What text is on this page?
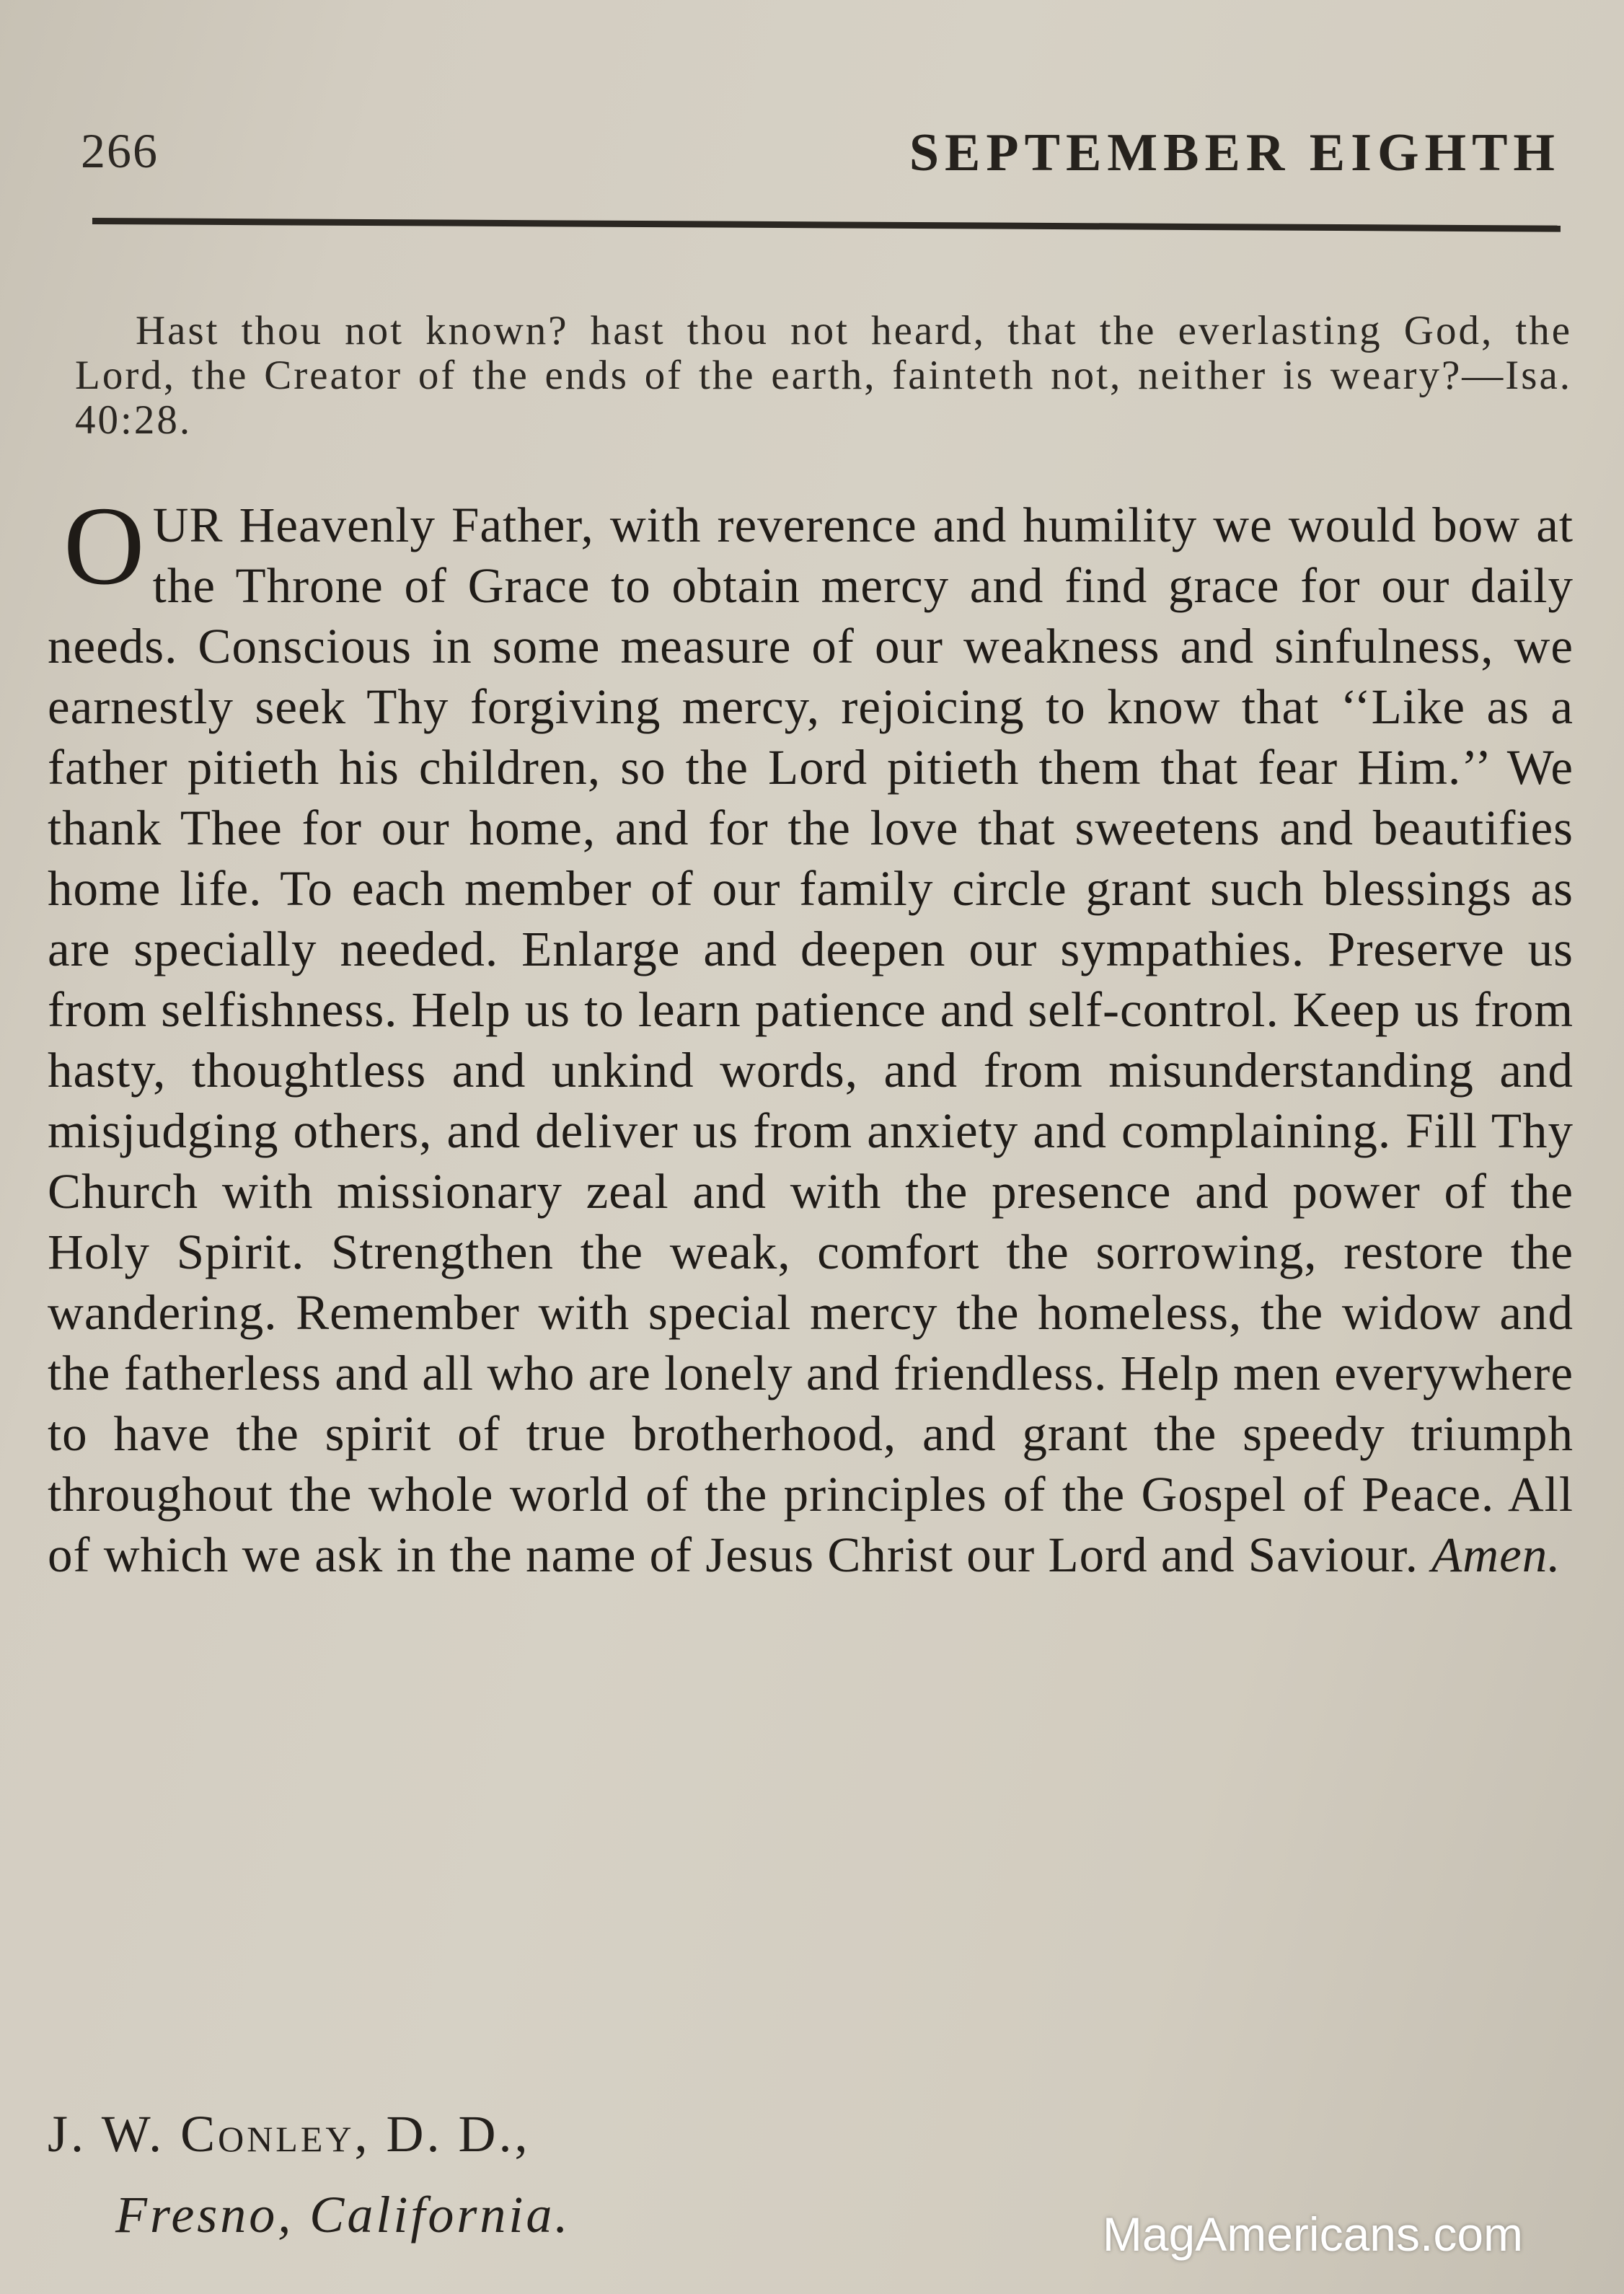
266	SEPTEMBER EIGHTH

Hast thou not known? hast thou not heard, that the everlasting God, the Lord, the Creator of the ends of the earth, fainteth not, neither is weary?—Isa. 40:28.

OUR Heavenly Father, with reverence and humility we would bow at the Throne of Grace to obtain mercy and find grace for our daily needs. Conscious in some measure of our weakness and sinfulness, we earnestly seek Thy forgiving mercy, rejoicing to know that ‘‘Like as a father pitieth his children, so the Lord pitieth them that fear Him.’’ We thank Thee for our home, and for the love that sweetens and beautifies home life. To each member of our family circle grant such blessings as are specially needed. Enlarge and deepen our sympathies. Preserve us from selfishness. Help us to learn patience and self-control. Keep us from hasty, thoughtless and unkind words, and from misunderstanding and misjudging others, and deliver us from anxiety and complaining. Fill Thy Church with missionary zeal and with the presence and power of the Holy Spirit. Strengthen the weak, comfort the sorrowing, restore the wandering. Remember with special mercy the homeless, the widow and the fatherless and all who are lonely and friendless. Help men everywhere to have the spirit of true brotherhood, and grant the speedy triumph throughout the whole world of the principles of the Gospel of Peace. All of which we ask in the name of Jesus Christ our Lord and Saviour. Amen.

J. W. Conley, D. D.,
Fresno, California.	MagAmericans.com
